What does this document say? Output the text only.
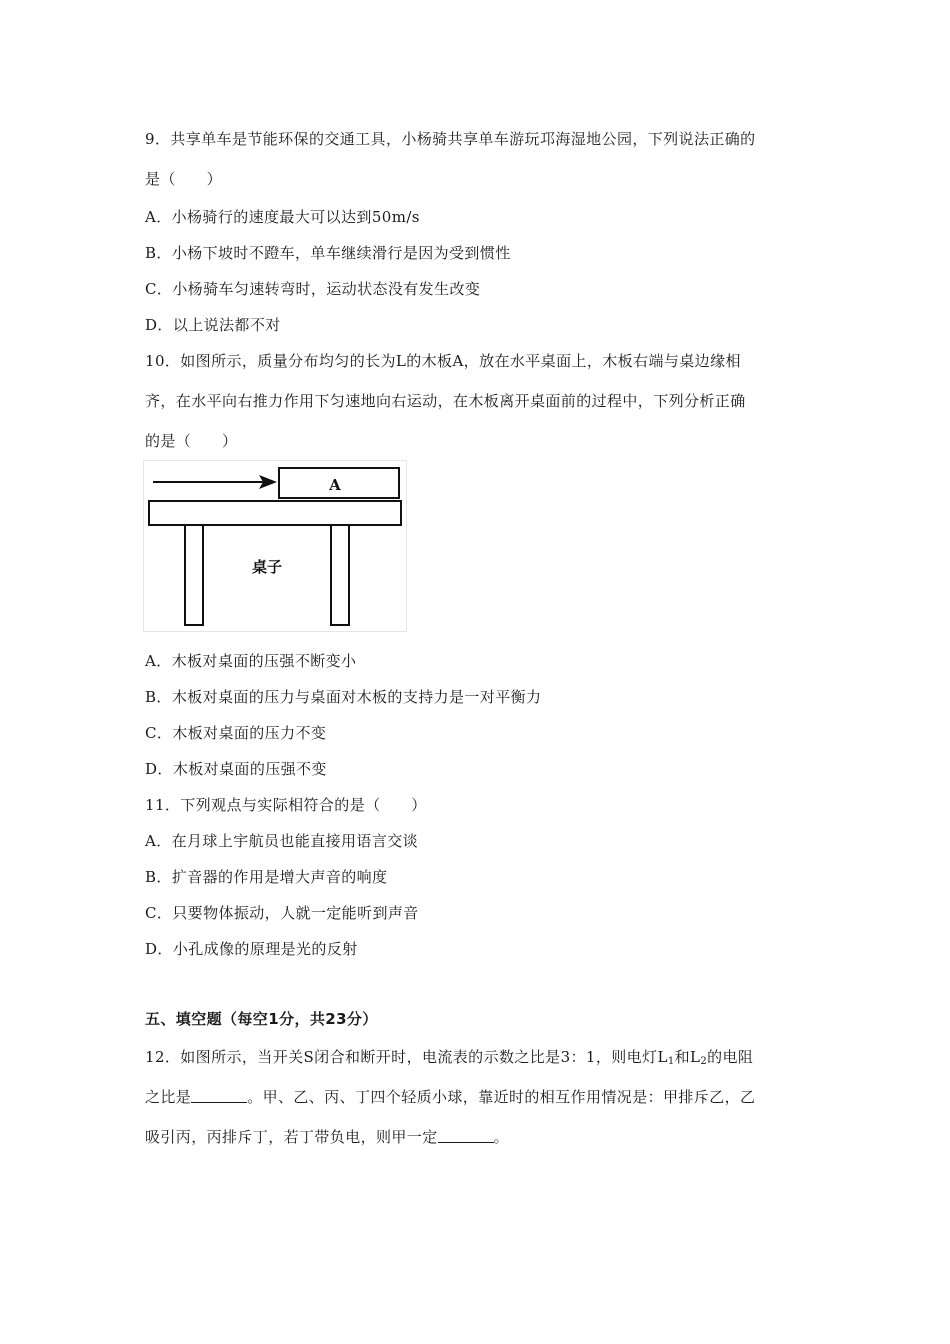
9．共享单车是节能环保的交通工具，小杨骑共享单车游玩邛海湿地公园，下列说法正确的
是（　　）
A．小杨骑行的速度最大可以达到50m/s
B．小杨下坡时不蹬车，单车继续滑行是因为受到惯性
C．小杨骑车匀速转弯时，运动状态没有发生改变
D．以上说法都不对
10．如图所示，质量分布均匀的长为L的木板A，放在水平桌面上，木板右端与桌边缘相
齐，在水平向右推力作用下匀速地向右运动，在木板离开桌面前的过程中，下列分析正确
的是（　　）
A
桌子
A．木板对桌面的压强不断变小
B．木板对桌面的压力与桌面对木板的支持力是一对平衡力
C．木板对桌面的压力不变
D．木板对桌面的压强不变
11．下列观点与实际相符合的是（　　）
A．在月球上宇航员也能直接用语言交谈
B．扩音器的作用是增大声音的响度
C．只要物体振动，人就一定能听到声音
D．小孔成像的原理是光的反射
五、填空题（每空1分，共23分）
12．如图所示，当开关S闭合和断开时，电流表的示数之比是3：1，则电灯$L_1$和$L_2$的电阻
之比是	。甲、乙、丙、丁四个轻质小球，靠近时的相互作用情况是：甲排斥乙，乙
吸引丙，丙排斥丁，若丁带负电，则甲一定	。
